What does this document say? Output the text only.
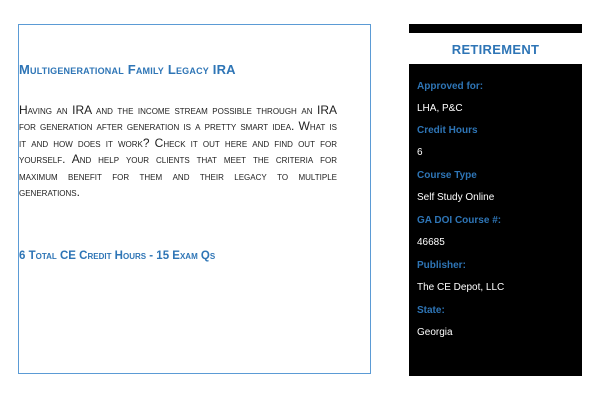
Multigenerational Family Legacy IRA

Having an IRA and the income stream possible through an IRA for generation after generation is a pretty smart idea. What is it and how does it work? Check it out here and find out for yourself. And help your clients that meet the criteria for maximum benefit for them and their legacy to multiple generations.

6 Total CE Credit Hours - 15 Exam Qs

RETIREMENT

Approved for:

LHA, P&C

Credit Hours

6

Course Type

Self Study Online

GA DOI Course #:

46685

Publisher:

The CE Depot, LLC

State:

Georgia
